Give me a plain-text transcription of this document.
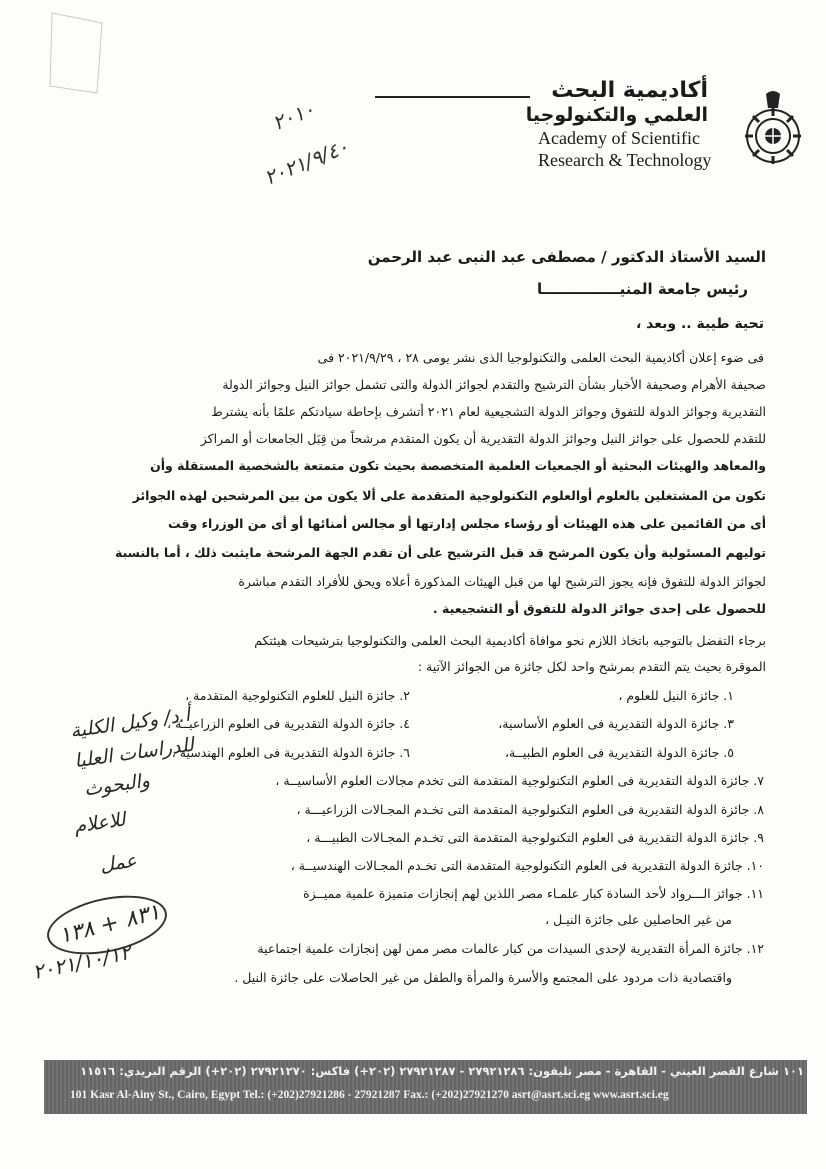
٢٠١٠
٢٠٢١/٩/٤٠
أكاديمية البحث
العلمي والتكنولوجيا
Academy of Scientific
Research & Technology
السيد الأستاذ الدكتور / مصطفى عبد النبى عبد الرحمن
رئيس جامعة المنيـــــــــــــــا
تحية طيبة .. وبعد ،
فى ضوء إعلان أكاديمية البحث العلمى والتكنولوجيا الذى نشر يومى ٢٨ ، ٢٠٢١/٩/٢٩ فى
صحيفة الأهرام وصحيفة الأخبار بشأن الترشيح والتقدم لجوائز الدولة والتى تشمل جوائز النيل وجوائز الدولة
التقديرية وجوائز الدولة للتفوق وجوائز الدولة التشجيعية لعام ٢٠٢١ أتشرف بإحاطة سيادتكم علمًا بأنه يشترط
للتقدم للحصول على جوائز النيل وجوائز الدولة التقديرية أن يكون المتقدم مرشحاً من قِبَل الجامعات أو المراكز
والمعاهد والهيئات البحثية أو الجمعيات العلمية المتخصصة بحيث تكون متمتعة بالشخصية المستقلة وأن
تكون من المشتغلين بالعلوم أوالعلوم التكنولوجية المتقدمة على ألا يكون من بين المرشحين لهذه الجوائز
أى من القائمين على هذه الهيئات أو رؤساء مجلس إدارتها أو مجالس أمنائها أو أى من الوزراء وقت
توليهم المسئولية وأن يكون المرشح قد قبل الترشيح على أن تقدم الجهة المرشحة مايثبت ذلك ، أما بالنسبة
لجوائز الدولة للتفوق فإنه يجوز الترشيح لها من قبل الهيئات المذكورة أعلاه ويحق للأفراد التقدم مباشرة
للحصول على إحدى جوائز الدولة للتفوق أو التشجيعية .
برجاء التفضل بالتوجيه باتخاذ اللازم نحو موافاة أكاديمية البحث العلمى والتكنولوجيا بترشيحات هيئتكم
الموقرة بحيث يتم التقدم بمرشح واحد لكل جائزة من الجوائز الآتية :
١. جائزة النيل للعلوم ،
٣. جائزة الدولة التقديرية فى العلوم الأساسية،
٥. جائزة الدولة التقديرية فى العلوم الطبيــة،
٢. جائزة النيل للعلوم التكنولوجية المتقدمة ،
٤. جائزة الدولة التقديرية فى العلوم الزراعيــة ،
٦. جائزة الدولة التقديرية فى العلوم الهندسية ،
٧. جائزة الدولة التقديرية فى العلوم التكنولوجية المتقدمة التى تخدم مجالات العلوم الأساسيــة ،
٨. جائزة الدولة التقديرية فى العلوم التكنولوجية المتقدمة التى تخـدم المجـالات الزراعيـــة ،
٩. جائزة الدولة التقديرية فى العلوم التكنولوجية المتقدمة التى تخـدم المجـالات الطبيـــة ،
١٠. جائزة الدولة التقديرية فى العلوم التكنولوجية المتقدمة التى تخـدم المجـالات الهندسيــة ،
١١. جوائز الـــرواد لأحد السادة كبار علمـاء مصر اللذين لهم إنجازات متميزة علمية مميــزة
من غير الحاصلين على جائزة النيـل ،
١٢. جائزة المرأة التقديرية لإحدى السيدات من كبار عالمات مصر ممن لهن إنجازات علمية اجتماعية
واقتصادية ذات مردود على المجتمع والأسرة والمرأة والطفل من غير الحاصلات على جائزة النيل .
أ.د/ وكيل الكلية
للدراسات العليا
والبحوث
للاعلام
عمل
٨٣١ + ١٣٨
٢٠٢١/١٠/١٢
١٠١ شارع القصر العيني - القاهرة - مصر تليفون: ٢٧٩٢١٢٨٦ - ٢٧٩٢١٢٨٧ (٢٠٢+) فاكس: ٢٧٩٢١٢٧٠ (٢٠٢+) الرقم البريدي: ١١٥١٦
101 Kasr Al-Ainy St., Cairo, Egypt Tel.: (+202)27921286 - 27921287 Fax.: (+202)27921270 asrt@asrt.sci.eg www.asrt.sci.eg
